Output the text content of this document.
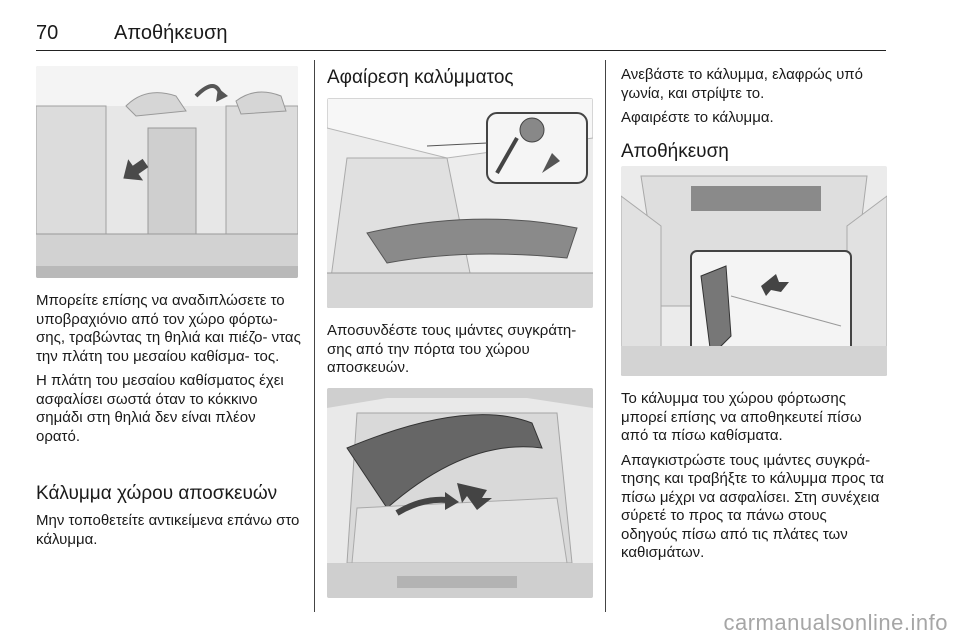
70	Αποθήκευση

Μπορείτε επίσης να αναδιπλώσετε το υποβραχιόνιο από τον χώρο φόρτω- σης, τραβώντας τη θηλιά και πιέζο- ντας την πλάτη του μεσαίου καθίσμα- τος.

Η πλάτη του μεσαίου καθίσματος έχει ασφαλίσει σωστά όταν το κόκκινο σημάδι στη θηλιά δεν είναι πλέον ορατό.

Κάλυμμα χώρου αποσκευών

Μην τοποθετείτε αντικείμενα επάνω στο κάλυμμα.

Αφαίρεση καλύμματος

Αποσυνδέστε τους ιμάντες συγκράτη- σης από την πόρτα του χώρου αποσκευών.

Ανεβάστε το κάλυμμα, ελαφρώς υπό γωνία, και στρίψτε το.

Αφαιρέστε το κάλυμμα.

Αποθήκευση

Το κάλυμμα του χώρου φόρτωσης μπορεί επίσης να αποθηκευτεί πίσω από τα πίσω καθίσματα.

Απαγκιστρώστε τους ιμάντες συγκρά- τησης και τραβήξτε το κάλυμμα προς τα πίσω μέχρι να ασφαλίσει. Στη συνέχεια σύρετέ το προς τα πάνω στους οδηγούς πίσω από τις πλάτες των καθισμάτων.

carmanualsonline.info
